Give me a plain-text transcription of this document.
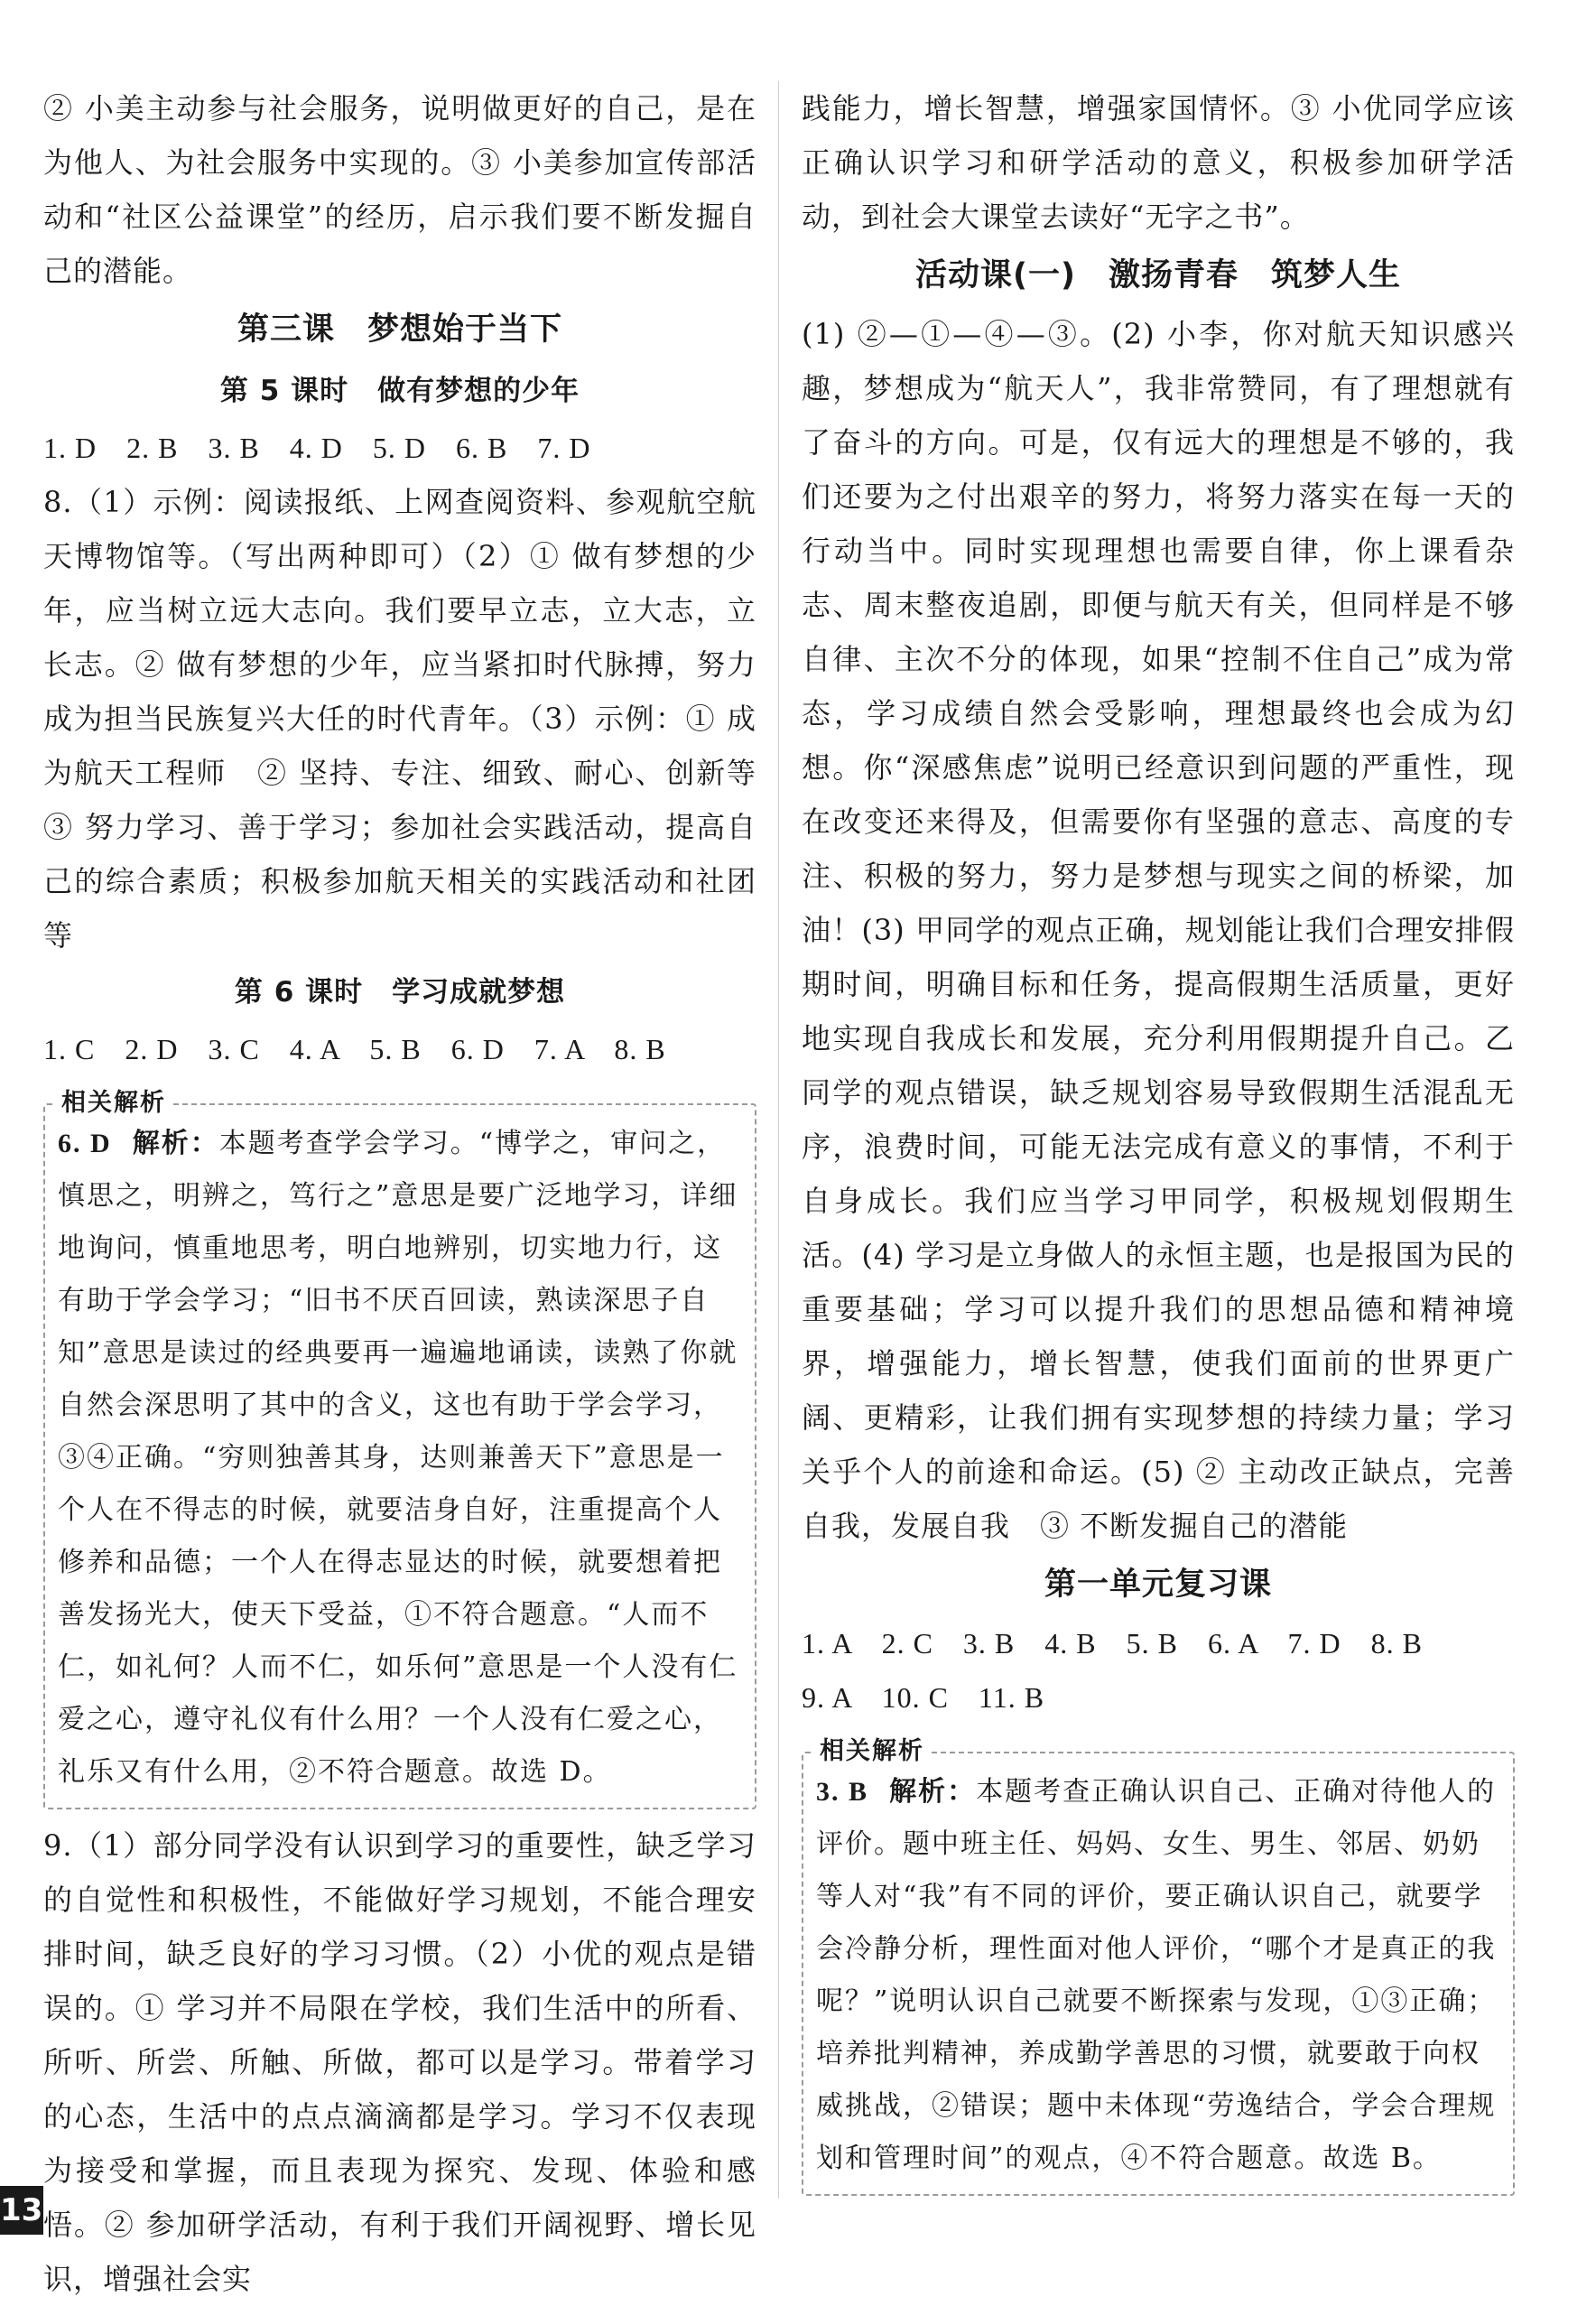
② 小美主动参与社会服务，说明做更好的自己，是在为他人、为社会服务中实现的。③ 小美参加宣传部活动和“社区公益课堂”的经历，启示我们要不断发掘自己的潜能。

第三课　梦想始于当下
第 5 课时　做有梦想的少年
1. D　2. B　3. B　4. D　5. D　6. B　7. D

8.（1）示例：阅读报纸、上网查阅资料、参观航空航天博物馆等。（写出两种即可）（2）① 做有梦想的少年，应当树立远大志向。我们要早立志，立大志，立长志。② 做有梦想的少年，应当紧扣时代脉搏，努力成为担当民族复兴大任的时代青年。（3）示例：① 成为航天工程师　② 坚持、专注、细致、耐心、创新等　③ 努力学习、善于学习；参加社会实践活动，提高自己的综合素质；积极参加航天相关的实践活动和社团等

第 6 课时　学习成就梦想
1. C　2. D　3. C　4. A　5. B　6. D　7. A　8. B
相关解析
6. D 解析：本题考查学会学习。“博学之，审问之，慎思之，明辨之，笃行之”意思是要广泛地学习，详细地询问，慎重地思考，明白地辨别，切实地力行，这有助于学会学习；“旧书不厌百回读，熟读深思子自知”意思是读过的经典要再一遍遍地诵读，读熟了你就自然会深思明了其中的含义，这也有助于学会学习，③④正确。“穷则独善其身，达则兼善天下”意思是一个人在不得志的时候，就要洁身自好，注重提高个人修养和品德；一个人在得志显达的时候，就要想着把善发扬光大，使天下受益，①不符合题意。“人而不仁，如礼何？人而不仁，如乐何”意思是一个人没有仁爱之心，遵守礼仪有什么用？一个人没有仁爱之心，礼乐又有什么用，②不符合题意。故选 D。

9.（1）部分同学没有认识到学习的重要性，缺乏学习的自觉性和积极性，不能做好学习规划，不能合理安排时间，缺乏良好的学习习惯。（2）小优的观点是错误的。① 学习并不局限在学校，我们生活中的所看、所听、所尝、所触、所做，都可以是学习。带着学习的心态，生活中的点点滴滴都是学习。学习不仅表现为接受和掌握，而且表现为探究、发现、体验和感悟。② 参加研学活动，有利于我们开阔视野、增长见识，增强社会实

践能力，增长智慧，增强家国情怀。③ 小优同学应该正确认识学习和研学活动的意义，积极参加研学活动，到社会大课堂去读好“无字之书”。

活动课(一)　激扬青春　筑梦人生

(1) ②—①—④—③。(2) 小李，你对航天知识感兴趣，梦想成为“航天人”，我非常赞同，有了理想就有了奋斗的方向。可是，仅有远大的理想是不够的，我们还要为之付出艰辛的努力，将努力落实在每一天的行动当中。同时实现理想也需要自律，你上课看杂志、周末整夜追剧，即便与航天有关，但同样是不够自律、主次不分的体现，如果“控制不住自己”成为常态，学习成绩自然会受影响，理想最终也会成为幻想。你“深感焦虑”说明已经意识到问题的严重性，现在改变还来得及，但需要你有坚强的意志、高度的专注、积极的努力，努力是梦想与现实之间的桥梁，加油！(3) 甲同学的观点正确，规划能让我们合理安排假期时间，明确目标和任务，提高假期生活质量，更好地实现自我成长和发展，充分利用假期提升自己。乙同学的观点错误，缺乏规划容易导致假期生活混乱无序，浪费时间，可能无法完成有意义的事情，不利于自身成长。我们应当学习甲同学，积极规划假期生活。(4) 学习是立身做人的永恒主题，也是报国为民的重要基础；学习可以提升我们的思想品德和精神境界，增强能力，增长智慧，使我们面前的世界更广阔、更精彩，让我们拥有实现梦想的持续力量；学习关乎个人的前途和命运。(5) ② 主动改正缺点，完善自我，发展自我　③ 不断发掘自己的潜能

第一单元复习课
1. A　2. C　3. B　4. B　5. B　6. A　7. D　8. B
9. A　10. C　11. B
相关解析
3. B 解析：本题考查正确认识自己、正确对待他人的评价。题中班主任、妈妈、女生、男生、邻居、奶奶等人对“我”有不同的评价，要正确认识自己，就要学会冷静分析，理性面对他人评价，“哪个才是真正的我呢？”说明认识自己就要不断探索与发现，①③正确；培养批判精神，养成勤学善思的习惯，就要敢于向权威挑战，②错误；题中未体现“劳逸结合，学会合理规划和管理时间”的观点，④不符合题意。故选 B。
13
